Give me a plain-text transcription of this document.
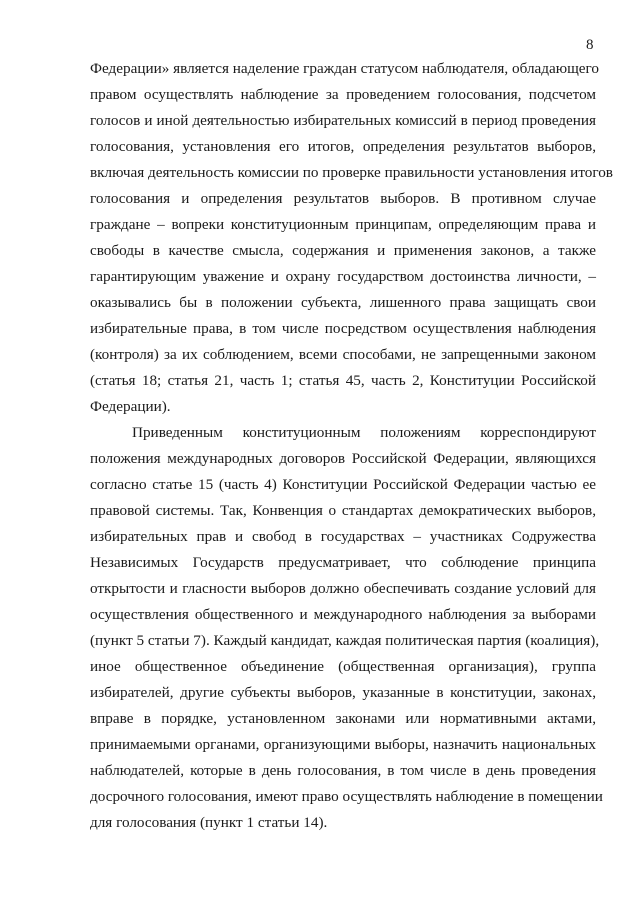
8
Федерации» является наделение граждан статусом наблюдателя, обладающего
правом осуществлять наблюдение за проведением голосования, подсчетом
голосов и иной деятельностью избирательных комиссий в период проведения
голосования, установления его итогов, определения результатов выборов,
включая деятельность комиссии по проверке правильности установления итогов
голосования и определения результатов выборов. В противном случае
граждане – вопреки конституционным принципам, определяющим права и
свободы в качестве смысла, содержания и применения законов, а также
гарантирующим уважение и охрану государством достоинства личности, –
оказывались бы в положении субъекта, лишенного права защищать свои
избирательные права, в том числе посредством осуществления наблюдения
(контроля) за их соблюдением, всеми способами, не запрещенными законом
(статья 18; статья 21, часть 1; статья 45, часть 2, Конституции Российской
Федерации).
Приведенным конституционным положениям корреспондируют
положения международных договоров Российской Федерации, являющихся
согласно статье 15 (часть 4) Конституции Российской Федерации частью ее
правовой системы. Так, Конвенция о стандартах демократических выборов,
избирательных прав и свобод в государствах – участниках Содружества
Независимых Государств предусматривает, что соблюдение принципа
открытости и гласности выборов должно обеспечивать создание условий для
осуществления общественного и международного наблюдения за выборами
(пункт 5 статьи 7). Каждый кандидат, каждая политическая партия (коалиция),
иное общественное объединение (общественная организация), группа
избирателей, другие субъекты выборов, указанные в конституции, законах,
вправе в порядке, установленном законами или нормативными актами,
принимаемыми органами, организующими выборы, назначить национальных
наблюдателей, которые в день голосования, в том числе в день проведения
досрочного голосования, имеют право осуществлять наблюдение в помещении
для голосования (пункт 1 статьи 14).
